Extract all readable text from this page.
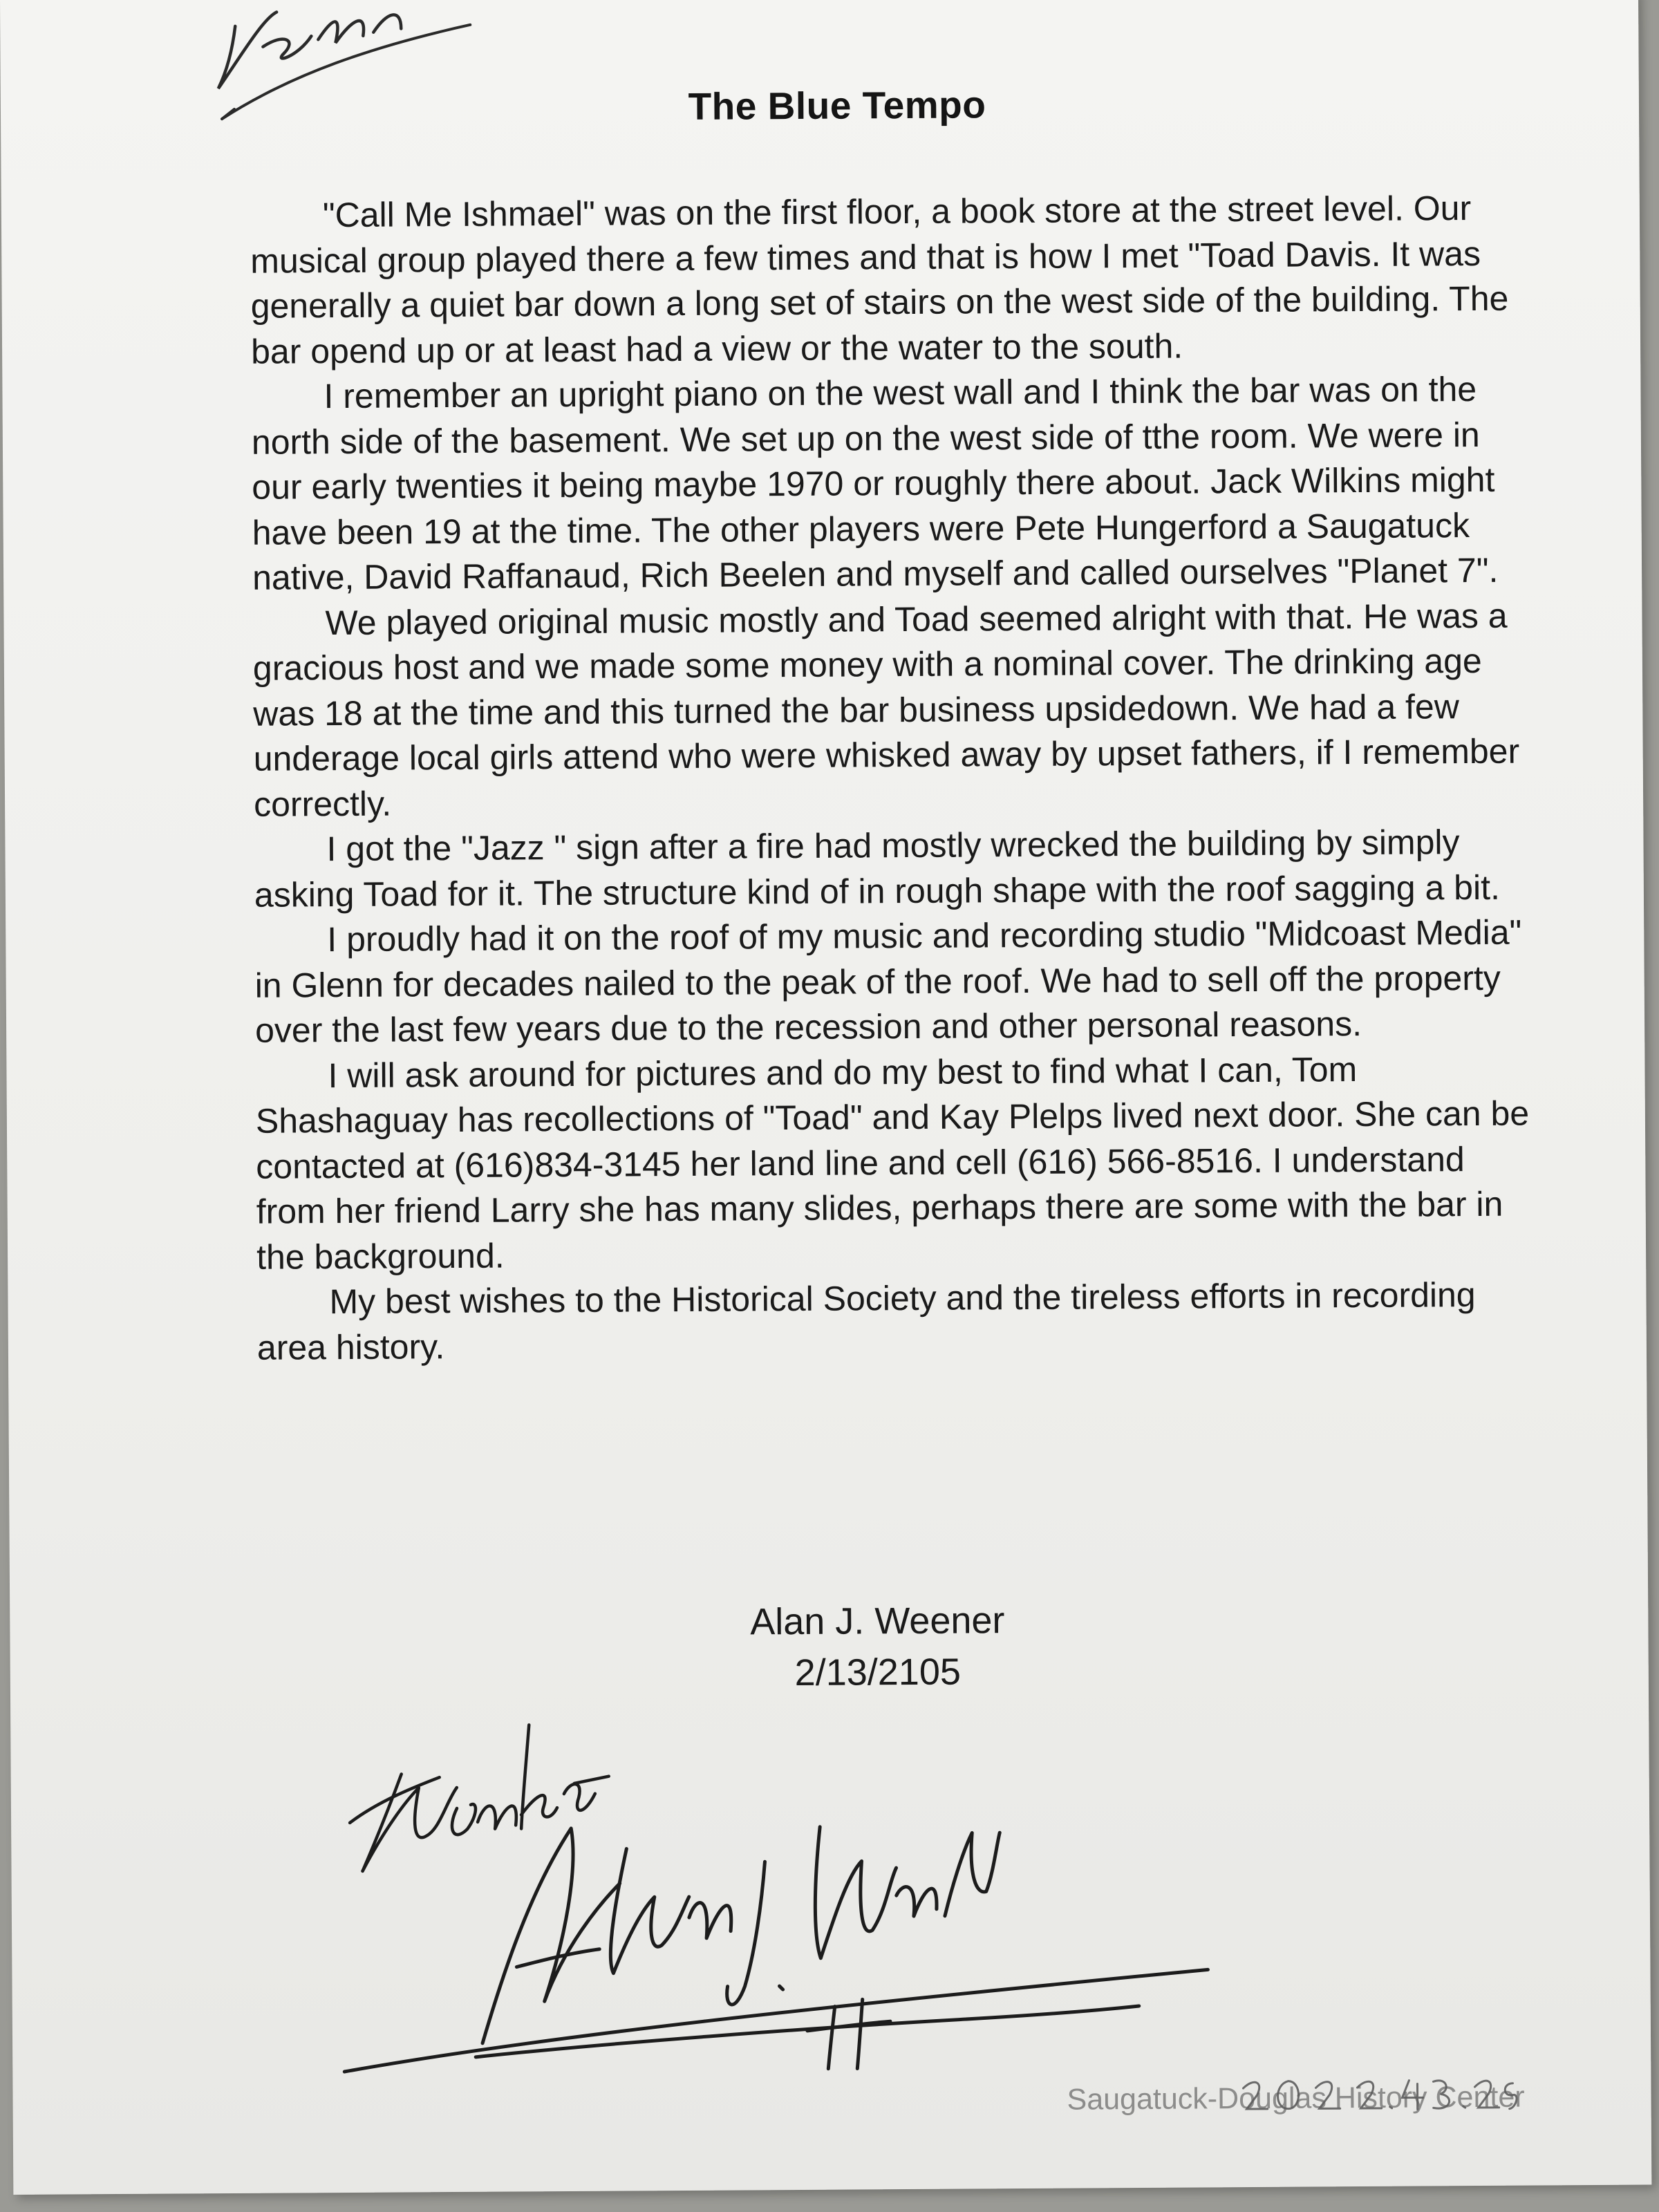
The Blue Tempo

"Call Me Ishmael" was on the first floor, a book store at the street level. Our musical group played there a few times and that is how I met "Toad Davis. It was generally a quiet bar down a long set of stairs on the west side of the building. The bar opend up or at least had a view or the water to the south.

I remember an upright piano on the west wall and I think the bar was on the north side of the basement. We set up on the west side of tthe room. We were in our early twenties it being maybe 1970 or roughly there about. Jack Wilkins might have been 19 at the time. The other players were Pete Hungerford a Saugatuck native, David Raffanaud, Rich Beelen and myself and called ourselves "Planet 7".

We played original music mostly and Toad seemed alright with that. He was a gracious host and we made some money with a nominal cover. The drinking age was 18 at the time and this turned the bar business upsidedown. We had a few underage local girls attend who were whisked away by upset fathers, if I remember correctly.

I got the "Jazz " sign after a fire had mostly wrecked the building by simply asking Toad for it. The structure kind of in rough shape with the roof sagging a bit.

I proudly had it on the roof of my music and recording studio "Midcoast Media" in Glenn for decades nailed to the peak of the roof. We had to sell off the property over the last few years due to the recession and other personal reasons.

I will ask around for pictures and do my best to find what I can, Tom Shashaguay has recollections of "Toad" and Kay Plelps lived next door. She can be contacted at (616)834-3145 her land line and cell (616) 566-8516. I understand from her friend Larry she has many slides, perhaps there are some with the bar in the background.

My best wishes to the Historical Society and the tireless efforts in recording area history.

Alan J. Weener
2/13/2105
Saugatuck-Douglas History Center
